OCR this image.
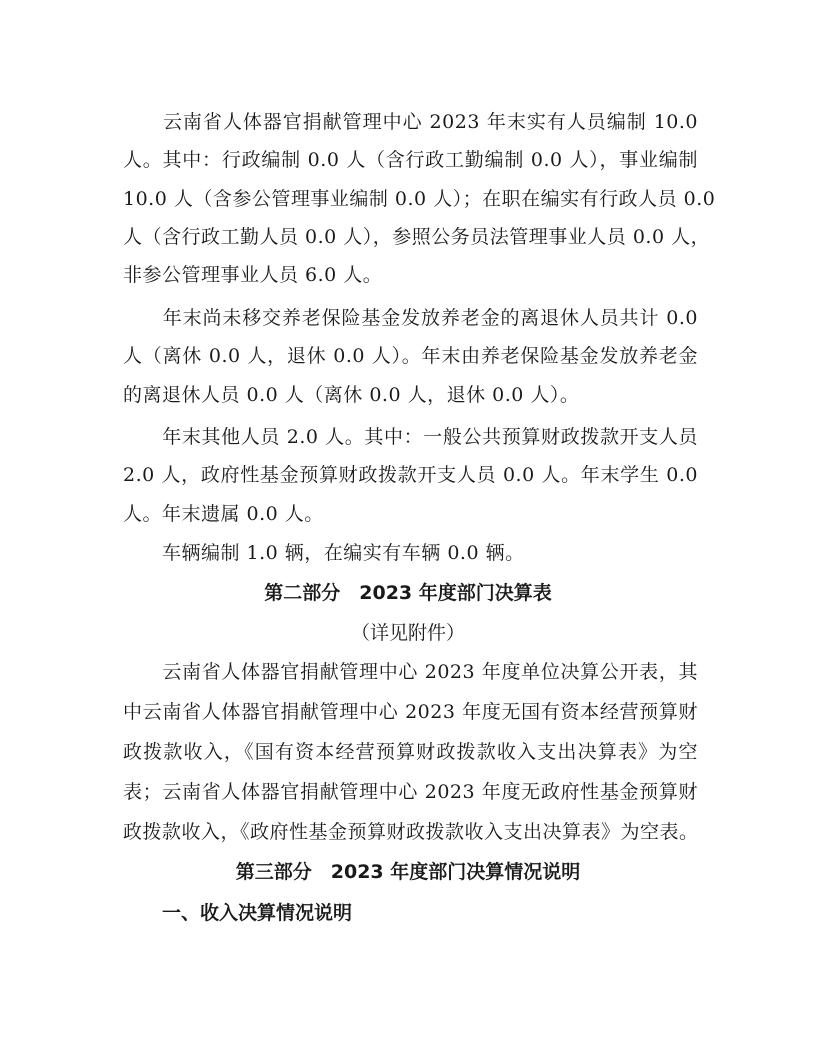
　　云南省人体器官捐献管理中心 2023 年末实有人员编制 10.0
人。其中：行政编制 0.0 人（含行政工勤编制 0.0 人），事业编制
10.0 人（含参公管理事业编制 0.0 人）；在职在编实有行政人员 0.0
人（含行政工勤人员 0.0 人），参照公务员法管理事业人员 0.0 人，
非参公管理事业人员 6.0 人。
　　年末尚未移交养老保险基金发放养老金的离退休人员共计 0.0
人（离休 0.0 人，退休 0.0 人）。年末由养老保险基金发放养老金
的离退休人员 0.0 人（离休 0.0 人，退休 0.0 人）。
　　年末其他人员 2.0 人。其中：一般公共预算财政拨款开支人员
2.0 人，政府性基金预算财政拨款开支人员 0.0 人。年末学生 0.0
人。年末遗属 0.0 人。
　　车辆编制 1.0 辆，在编实有车辆 0.0 辆。
第二部分　2023 年度部门决算表
（详见附件）
　　云南省人体器官捐献管理中心 2023 年度单位决算公开表，其
中云南省人体器官捐献管理中心 2023 年度无国有资本经营预算财
政拨款收入，《国有资本经营预算财政拨款收入支出决算表》为空
表；云南省人体器官捐献管理中心 2023 年度无政府性基金预算财
政拨款收入，《政府性基金预算财政拨款收入支出决算表》为空表。
第三部分　2023 年度部门决算情况说明
一、收入决算情况说明
